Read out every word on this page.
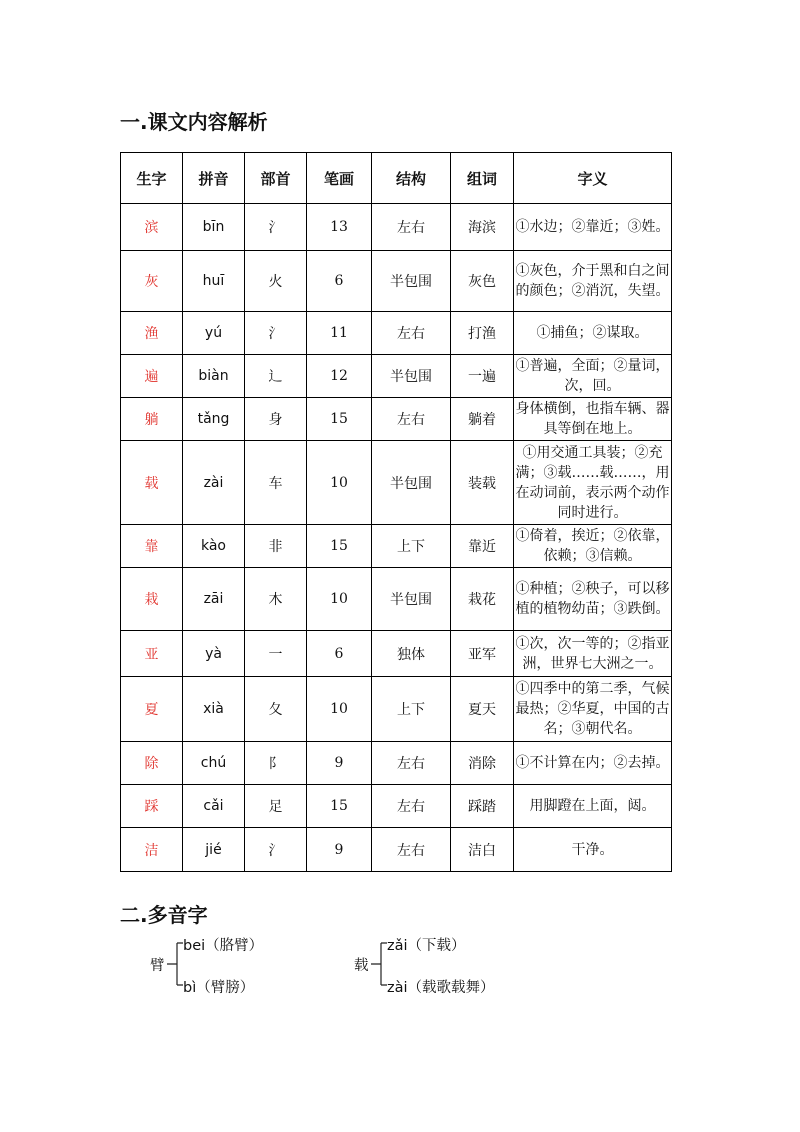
一.课文内容解析
生字	拼音	部首	笔画	结构	组词	字义
滨	bīn	氵	13	左右	海滨	①水边；②靠近；③姓。
灰	huī	火	6	半包围	灰色	①灰色，介于黑和白之间的颜色；②消沉，失望。
渔	yú	氵	11	左右	打渔	①捕鱼；②谋取。
遍	biàn	辶	12	半包围	一遍	①普遍，全面；②量词，次，回。
躺	tǎng	身	15	左右	躺着	身体横倒，也指车辆、器具等倒在地上。
载	zài	车	10	半包围	装载	①用交通工具装；②充满；③载……载……，用在动词前，表示两个动作同时进行。
靠	kào	非	15	上下	靠近	①倚着，挨近；②依靠，依赖；③信赖。
栽	zāi	木	10	半包围	栽花	①种植；②秧子，可以移植的植物幼苗；③跌倒。
亚	yà	一	6	独体	亚军	①次，次一等的；②指亚洲，世界七大洲之一。
夏	xià	夂	10	上下	夏天	①四季中的第二季，气候最热；②华夏，中国的古名；③朝代名。
除	chú	阝	9	左右	消除	①不计算在内；②去掉。
踩	cǎi	足	15	左右	踩踏	用脚蹬在上面，闼。
洁	jié	氵	9	左右	洁白	干净。
二.多音字
臂
bei（胳臂）
bì（臂膀）
载
zǎi（下载）
zài（载歌载舞）
